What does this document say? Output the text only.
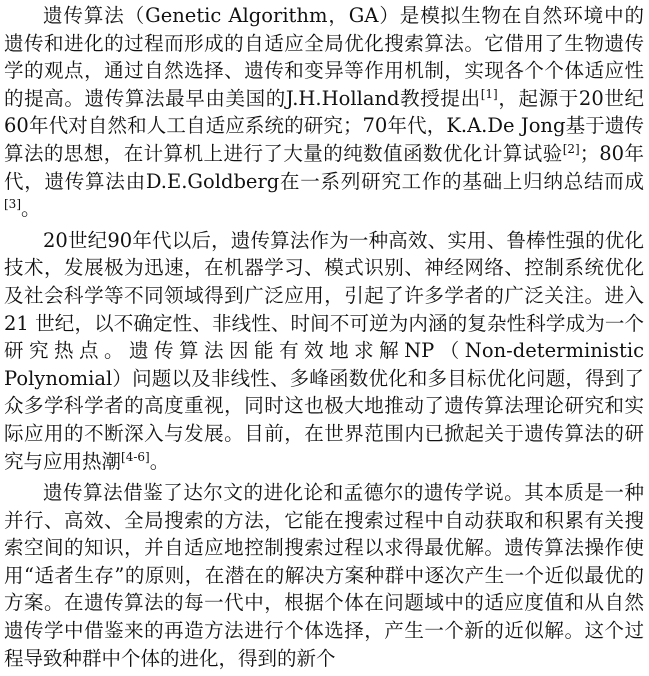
遗传算法（Genetic Algorithm，GA）是模拟生物在自然环境中的遗传和进化的过程而形成的自适应全局优化搜索算法。它借用了生物遗传学的观点，通过自然选择、遗传和变异等作用机制，实现各个个体适应性的提高。遗传算法最早由美国的J.H.Holland教授提出[1]，起源于20世纪60年代对自然和人工自适应系统的研究；70年代，K.A.De Jong基于遗传算法的思想，在计算机上进行了大量的纯数值函数优化计算试验[2]；80年代，遗传算法由D.E.Goldberg在一系列研究工作的基础上归纳总结而成[3]。

20世纪90年代以后，遗传算法作为一种高效、实用、鲁棒性强的优化技术，发展极为迅速，在机器学习、模式识别、神经网络、控制系统优化及社会科学等不同领域得到广泛应用，引起了许多学者的广泛关注。进入 21 世纪，以不确定性、非线性、时间不可逆为内涵的复杂性科学成为一个研究热点。遗传算法因能有效地求解NP（Non-deterministic Polynomial）问题以及非线性、多峰函数优化和多目标优化问题，得到了众多学科学者的高度重视，同时这也极大地推动了遗传算法理论研究和实际应用的不断深入与发展。目前，在世界范围内已掀起关于遗传算法的研究与应用热潮[4-6]。

遗传算法借鉴了达尔文的进化论和孟德尔的遗传学说。其本质是一种并行、高效、全局搜索的方法，它能在搜索过程中自动获取和积累有关搜索空间的知识，并自适应地控制搜索过程以求得最优解。遗传算法操作使用“适者生存”的原则，在潜在的解决方案种群中逐次产生一个近似最优的方案。在遗传算法的每一代中，根据个体在问题域中的适应度值和从自然遗传学中借鉴来的再造方法进行个体选择，产生一个新的近似解。这个过程导致种群中个体的进化，得到的新个
